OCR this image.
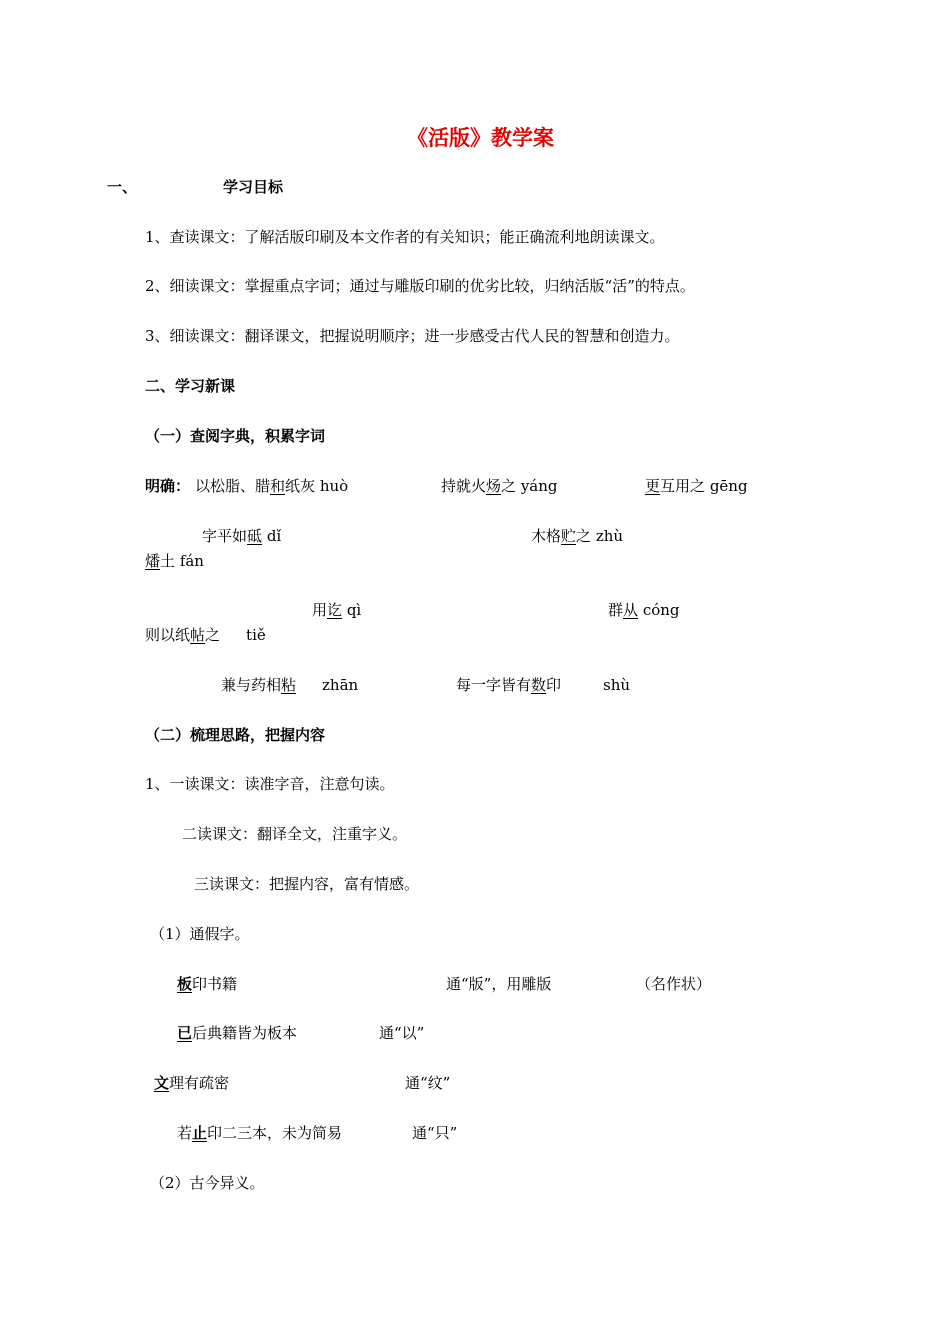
《活版》教学案
一、	学习目标
1、查读课文：了解活版印刷及本文作者的有关知识；能正确流利地朗读课文。
2、细读课文：掌握重点字词；通过与雕版印刷的优劣比较，归纳活版“活”的特点。
3、细读课文：翻译课文，把握说明顺序；进一步感受古代人民的智慧和创造力。
二、学习新课
（一）查阅字典，积累字词
明确： 以松脂、腊和纸灰 huò	持就火炀之 yáng	更互用之 gēng
字平如砥 dǐ	木格贮之 zhù
燔土 fán
用讫 qì	群从 cóng
则以纸帖之 tiě
兼与药相粘 zhān	每一字皆有数印	shù
（二）梳理思路，把握内容
1、一读课文：读准字音，注意句读。
二读课文：翻译全文，注重字义。
三读课文：把握内容，富有情感。
（1）通假字。
板印书籍	通“版”，用雕版	（名作状）
已后典籍皆为板本	通“以”
文理有疏密	通“纹”
若止印二三本，未为简易	通“只”
（2）古今异义。
